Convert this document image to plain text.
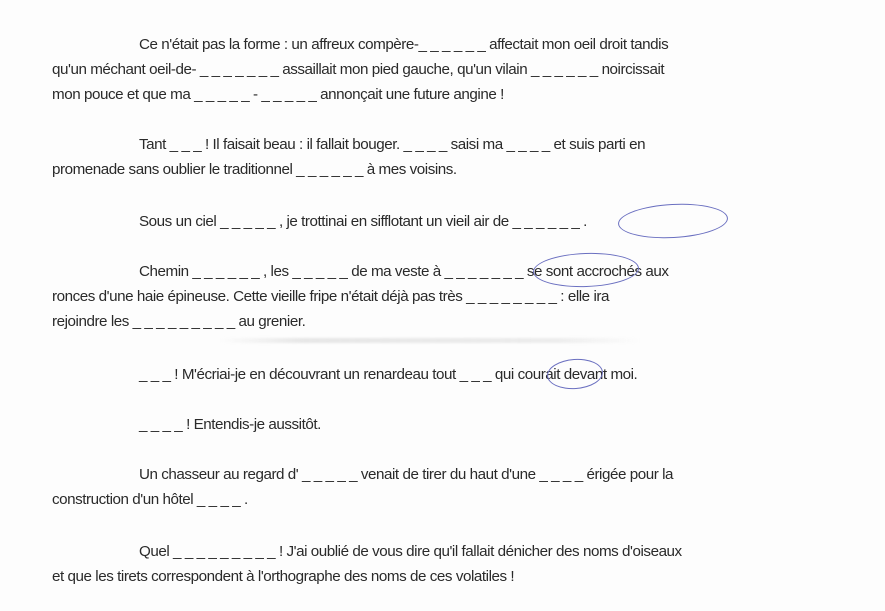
Ce n'était pas la forme : un affreux compère-_ _ _ _ _ _ affectait mon oeil droit tandis
qu'un méchant oeil-de- _ _ _ _ _ _ _ assaillait mon pied gauche, qu'un vilain _ _ _ _ _ _ noircissait
mon pouce et que ma _ _ _ _ _ - _ _ _ _ _ annonçait une future angine !
Tant _ _ _ ! Il faisait beau : il fallait bouger. _ _ _ _ saisi ma _ _ _ _ et suis parti en
promenade sans oublier le traditionnel _ _ _ _ _ _ à mes voisins.
Sous un ciel _ _ _ _ _ , je trottinai en sifflotant un vieil air de _ _ _ _ _ _ .
Chemin _ _ _ _ _ _ , les _ _ _ _ _ de ma veste à _ _ _ _ _ _ _ se sont accrochés aux
ronces d'une haie épineuse. Cette vieille fripe n'était déjà pas très _ _ _ _ _ _ _ _ : elle ira
rejoindre les _ _ _ _ _ _ _ _ _ au grenier.
_ _ _ ! M'écriai-je en découvrant un renardeau tout _ _ _ qui courait devant moi.
_ _ _ _ ! Entendis-je aussitôt.
Un chasseur au regard d' _ _ _ _ _ venait de tirer du haut d'une _ _ _ _ érigée pour la
construction d'un hôtel _ _ _ _ .
Quel _ _ _ _ _ _ _ _ _ ! J'ai oublié de vous dire qu'il fallait dénicher des noms d'oiseaux
et que les tirets correspondent à l'orthographe des noms de ces volatiles !
